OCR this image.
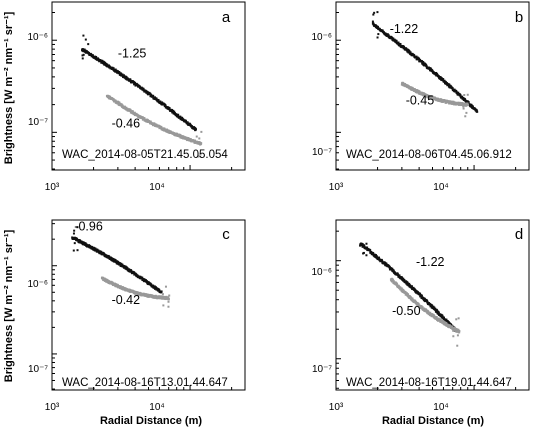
-1.25
-0.46
a
WAC_2014-08-05T21.45.05.054
10³	10⁴
10⁻⁶
10⁻⁷
-1.22
-0.45
b
WAC_2014-08-06T04.45.06.912
10³	10⁴
10⁻⁶
10⁻⁷
-0.96
-0.42
c
WAC_2014-08-16T13.01.44.647
10³	10⁴
10⁻⁶
10⁻⁷
-1.22
-0.50
d
WAC_2014-08-16T19.01.44.647
10³	10⁴
10⁻⁶
10⁻⁷
Brightness [W m⁻² nm⁻¹ sr⁻¹]
Brightness [W m⁻² nm⁻¹ sr⁻¹]
Radial Distance (m)	Radial Distance (m)
